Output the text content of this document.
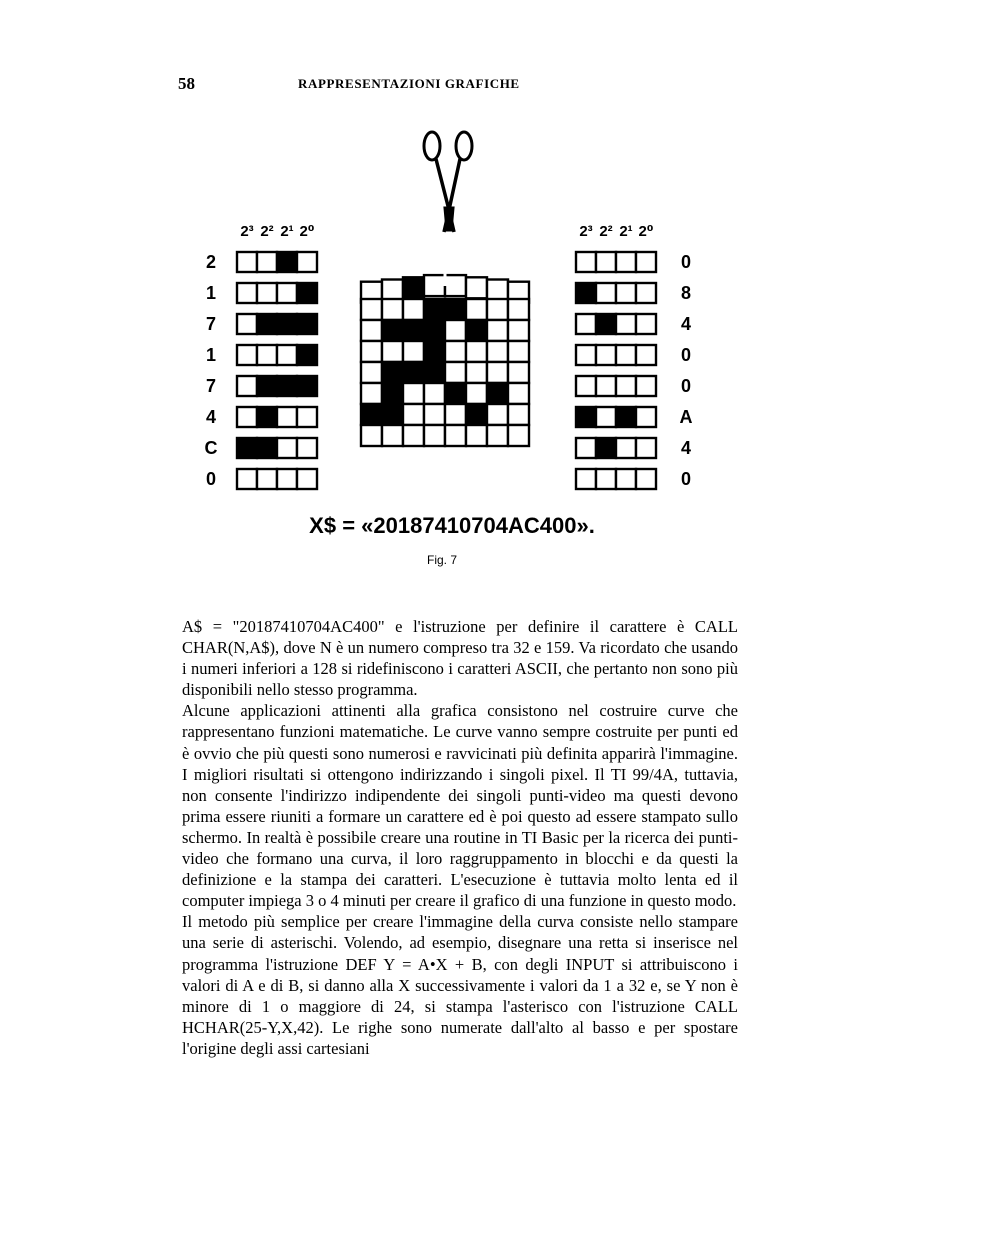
58	RAPPRESENTAZIONI GRAFICHE
2³ 2² 2¹ 2⁰	2³ 2² 2¹ 2⁰
2
1
7
1
7
4
C
0
0
8
4
0
0
A
4
0
X$ = «20187410704AC400».
Fig. 7

A$ = "20187410704AC400" e l'istruzione per definire il carattere è CALL CHAR(N,A$), dove N è un numero compreso tra 32 e 159. Va ricordato che usando i numeri inferiori a 128 si ridefiniscono i caratteri ASCII, che pertanto non sono più disponibili nello stesso programma.

Alcune applicazioni attinenti alla grafica consistono nel costruire curve che rappresentano funzioni matematiche. Le curve vanno sempre costruite per punti ed è ovvio che più questi sono numerosi e ravvicinati più definita apparirà l'immagine. I migliori risultati si ottengono indirizzando i singoli pixel. Il TI 99/4A, tuttavia, non consente l'indirizzo indipendente dei singoli punti-video ma questi devono prima essere riuniti a formare un carattere ed è poi questo ad essere stampato sullo schermo. In realtà è possibile creare una routine in TI Basic per la ricerca dei punti-video che formano una curva, il loro raggruppamento in blocchi e da questi la definizione e la stampa dei caratteri. L'esecuzione è tuttavia molto lenta ed il computer impiega 3 o 4 minuti per creare il grafico di una funzione in questo modo.

Il metodo più semplice per creare l'immagine della curva consiste nello stampare una serie di asterischi. Volendo, ad esempio, disegnare una retta si inserisce nel programma l'istruzione DEF Y = A•X + B, con degli INPUT si attribuiscono i valori di A e di B, si danno alla X successivamente i valori da 1 a 32 e, se Y non è minore di 1 o maggiore di 24, si stampa l'asterisco con l'istruzione CALL HCHAR(25-Y,X,42). Le righe sono numerate dall'alto al basso e per spostare l'origine degli assi cartesiani
